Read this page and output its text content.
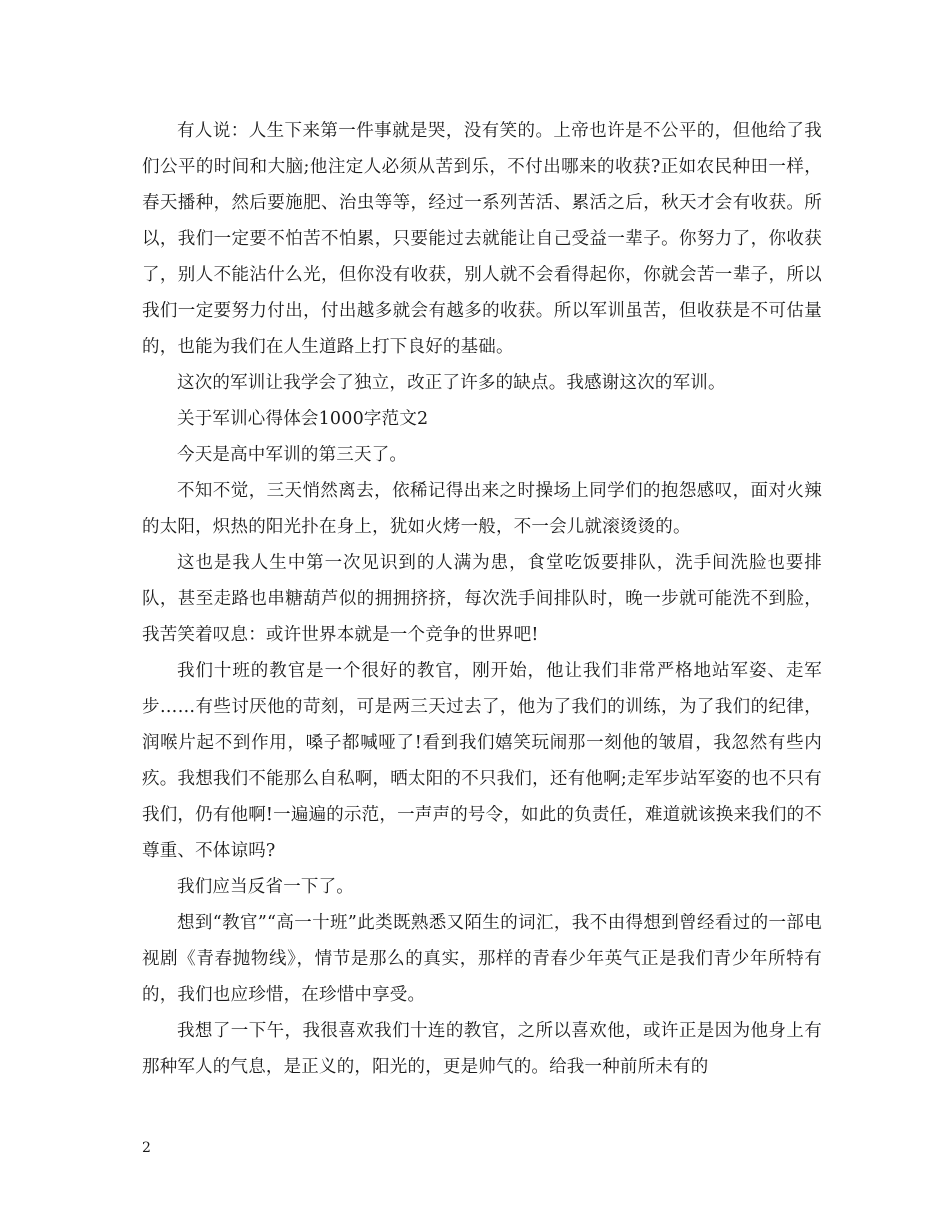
有人说：人生下来第一件事就是哭，没有笑的。上帝也许是不公平的，但他给了我们公平的时间和大脑;他注定人必须从苦到乐，不付出哪来的收获?正如农民种田一样，春天播种，然后要施肥、治虫等等，经过一系列苦活、累活之后，秋天才会有收获。所以，我们一定要不怕苦不怕累，只要能过去就能让自己受益一辈子。你努力了，你收获了，别人不能沾什么光，但你没有收获，别人就不会看得起你，你就会苦一辈子，所以我们一定要努力付出，付出越多就会有越多的收获。所以军训虽苦，但收获是不可估量的，也能为我们在人生道路上打下良好的基础。

这次的军训让我学会了独立，改正了许多的缺点。我感谢这次的军训。

关于军训心得体会1000字范文2

今天是高中军训的第三天了。

不知不觉，三天悄然离去，依稀记得出来之时操场上同学们的抱怨感叹，面对火辣的太阳，炽热的阳光扑在身上，犹如火烤一般，不一会儿就滚烫烫的。

这也是我人生中第一次见识到的人满为患，食堂吃饭要排队，洗手间洗脸也要排队，甚至走路也串糖葫芦似的拥拥挤挤，每次洗手间排队时，晚一步就可能洗不到脸，我苦笑着叹息：或许世界本就是一个竞争的世界吧!

我们十班的教官是一个很好的教官，刚开始，他让我们非常严格地站军姿、走军步……有些讨厌他的苛刻，可是两三天过去了，他为了我们的训练，为了我们的纪律，润喉片起不到作用，嗓子都喊哑了!看到我们嬉笑玩闹那一刻他的皱眉，我忽然有些内疚。我想我们不能那么自私啊，晒太阳的不只我们，还有他啊;走军步站军姿的也不只有我们，仍有他啊!一遍遍的示范，一声声的号令，如此的负责任，难道就该换来我们的不尊重、不体谅吗?

我们应当反省一下了。

想到“教官”“高一十班”此类既熟悉又陌生的词汇，我不由得想到曾经看过的一部电视剧《青春抛物线》，情节是那么的真实，那样的青春少年英气正是我们青少年所特有的，我们也应珍惜，在珍惜中享受。

我想了一下午，我很喜欢我们十连的教官，之所以喜欢他，或许正是因为他身上有那种军人的气息，是正义的，阳光的，更是帅气的。给我一种前所未有的

2
